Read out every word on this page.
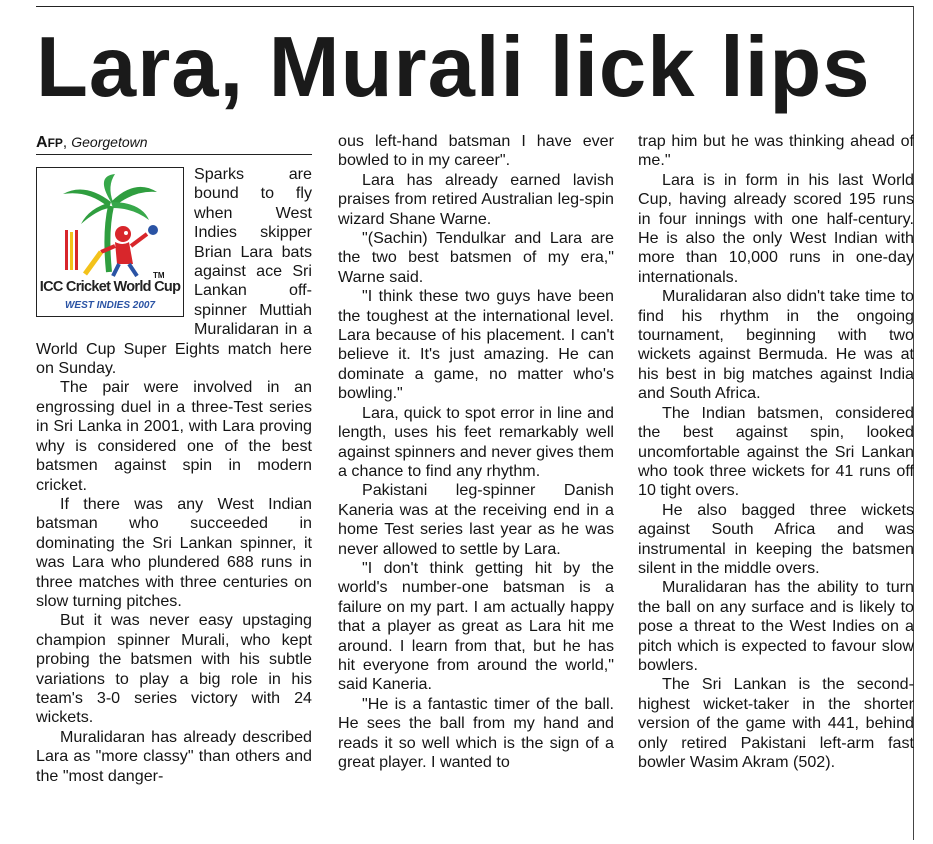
Lara, Murali lick lips
AFP, Georgetown
TM
ICC Cricket World Cup
WEST INDIES 2007

Sparks are bound to fly when West Indies skipper Brian Lara bats against ace Sri Lankan off-spinner Muttiah Muralidaran in a World Cup Super Eights match here on Sunday.

The pair were involved in an engrossing duel in a three-Test series in Sri Lanka in 2001, with Lara proving why is considered one of the best batsmen against spin in modern cricket.

If there was any West Indian batsman who succeeded in dominating the Sri Lankan spinner, it was Lara who plundered 688 runs in three matches with three centuries on slow turning pitches.

But it was never easy upstaging champion spinner Murali, who kept probing the batsmen with his subtle variations to play a big role in his team's 3-0 series victory with 24 wickets.

Muralidaran has already described Lara as "more classy" than others and the "most danger-

ous left-hand batsman I have ever bowled to in my career".

Lara has already earned lavish praises from retired Australian leg-spin wizard Shane Warne.

"(Sachin) Tendulkar and Lara are the two best batsmen of my era," Warne said.

"I think these two guys have been the toughest at the international level. Lara because of his placement. I can't believe it. It's just amazing. He can dominate a game, no matter who's bowling."

Lara, quick to spot error in line and length, uses his feet remarkably well against spinners and never gives them a chance to find any rhythm.

Pakistani leg-spinner Danish Kaneria was at the receiving end in a home Test series last year as he was never allowed to settle by Lara.

"I don't think getting hit by the world's number-one batsman is a failure on my part. I am actually happy that a player as great as Lara hit me around. I learn from that, but he has hit everyone from around the world," said Kaneria.

"He is a fantastic timer of the ball. He sees the ball from my hand and reads it so well which is the sign of a great player. I wanted to

trap him but he was thinking ahead of me."

Lara is in form in his last World Cup, having already scored 195 runs in four innings with one half-century. He is also the only West Indian with more than 10,000 runs in one-day internationals.

Muralidaran also didn't take time to find his rhythm in the ongoing tournament, beginning with two wickets against Bermuda. He was at his best in big matches against India and South Africa.

The Indian batsmen, considered the best against spin, looked uncomfortable against the Sri Lankan who took three wickets for 41 runs off 10 tight overs.

He also bagged three wickets against South Africa and was instrumental in keeping the batsmen silent in the middle overs.

Muralidaran has the ability to turn the ball on any surface and is likely to pose a threat to the West Indies on a pitch which is expected to favour slow bowlers.

The Sri Lankan is the second-highest wicket-taker in the shorter version of the game with 441, behind only retired Pakistani left-arm fast bowler Wasim Akram (502).
